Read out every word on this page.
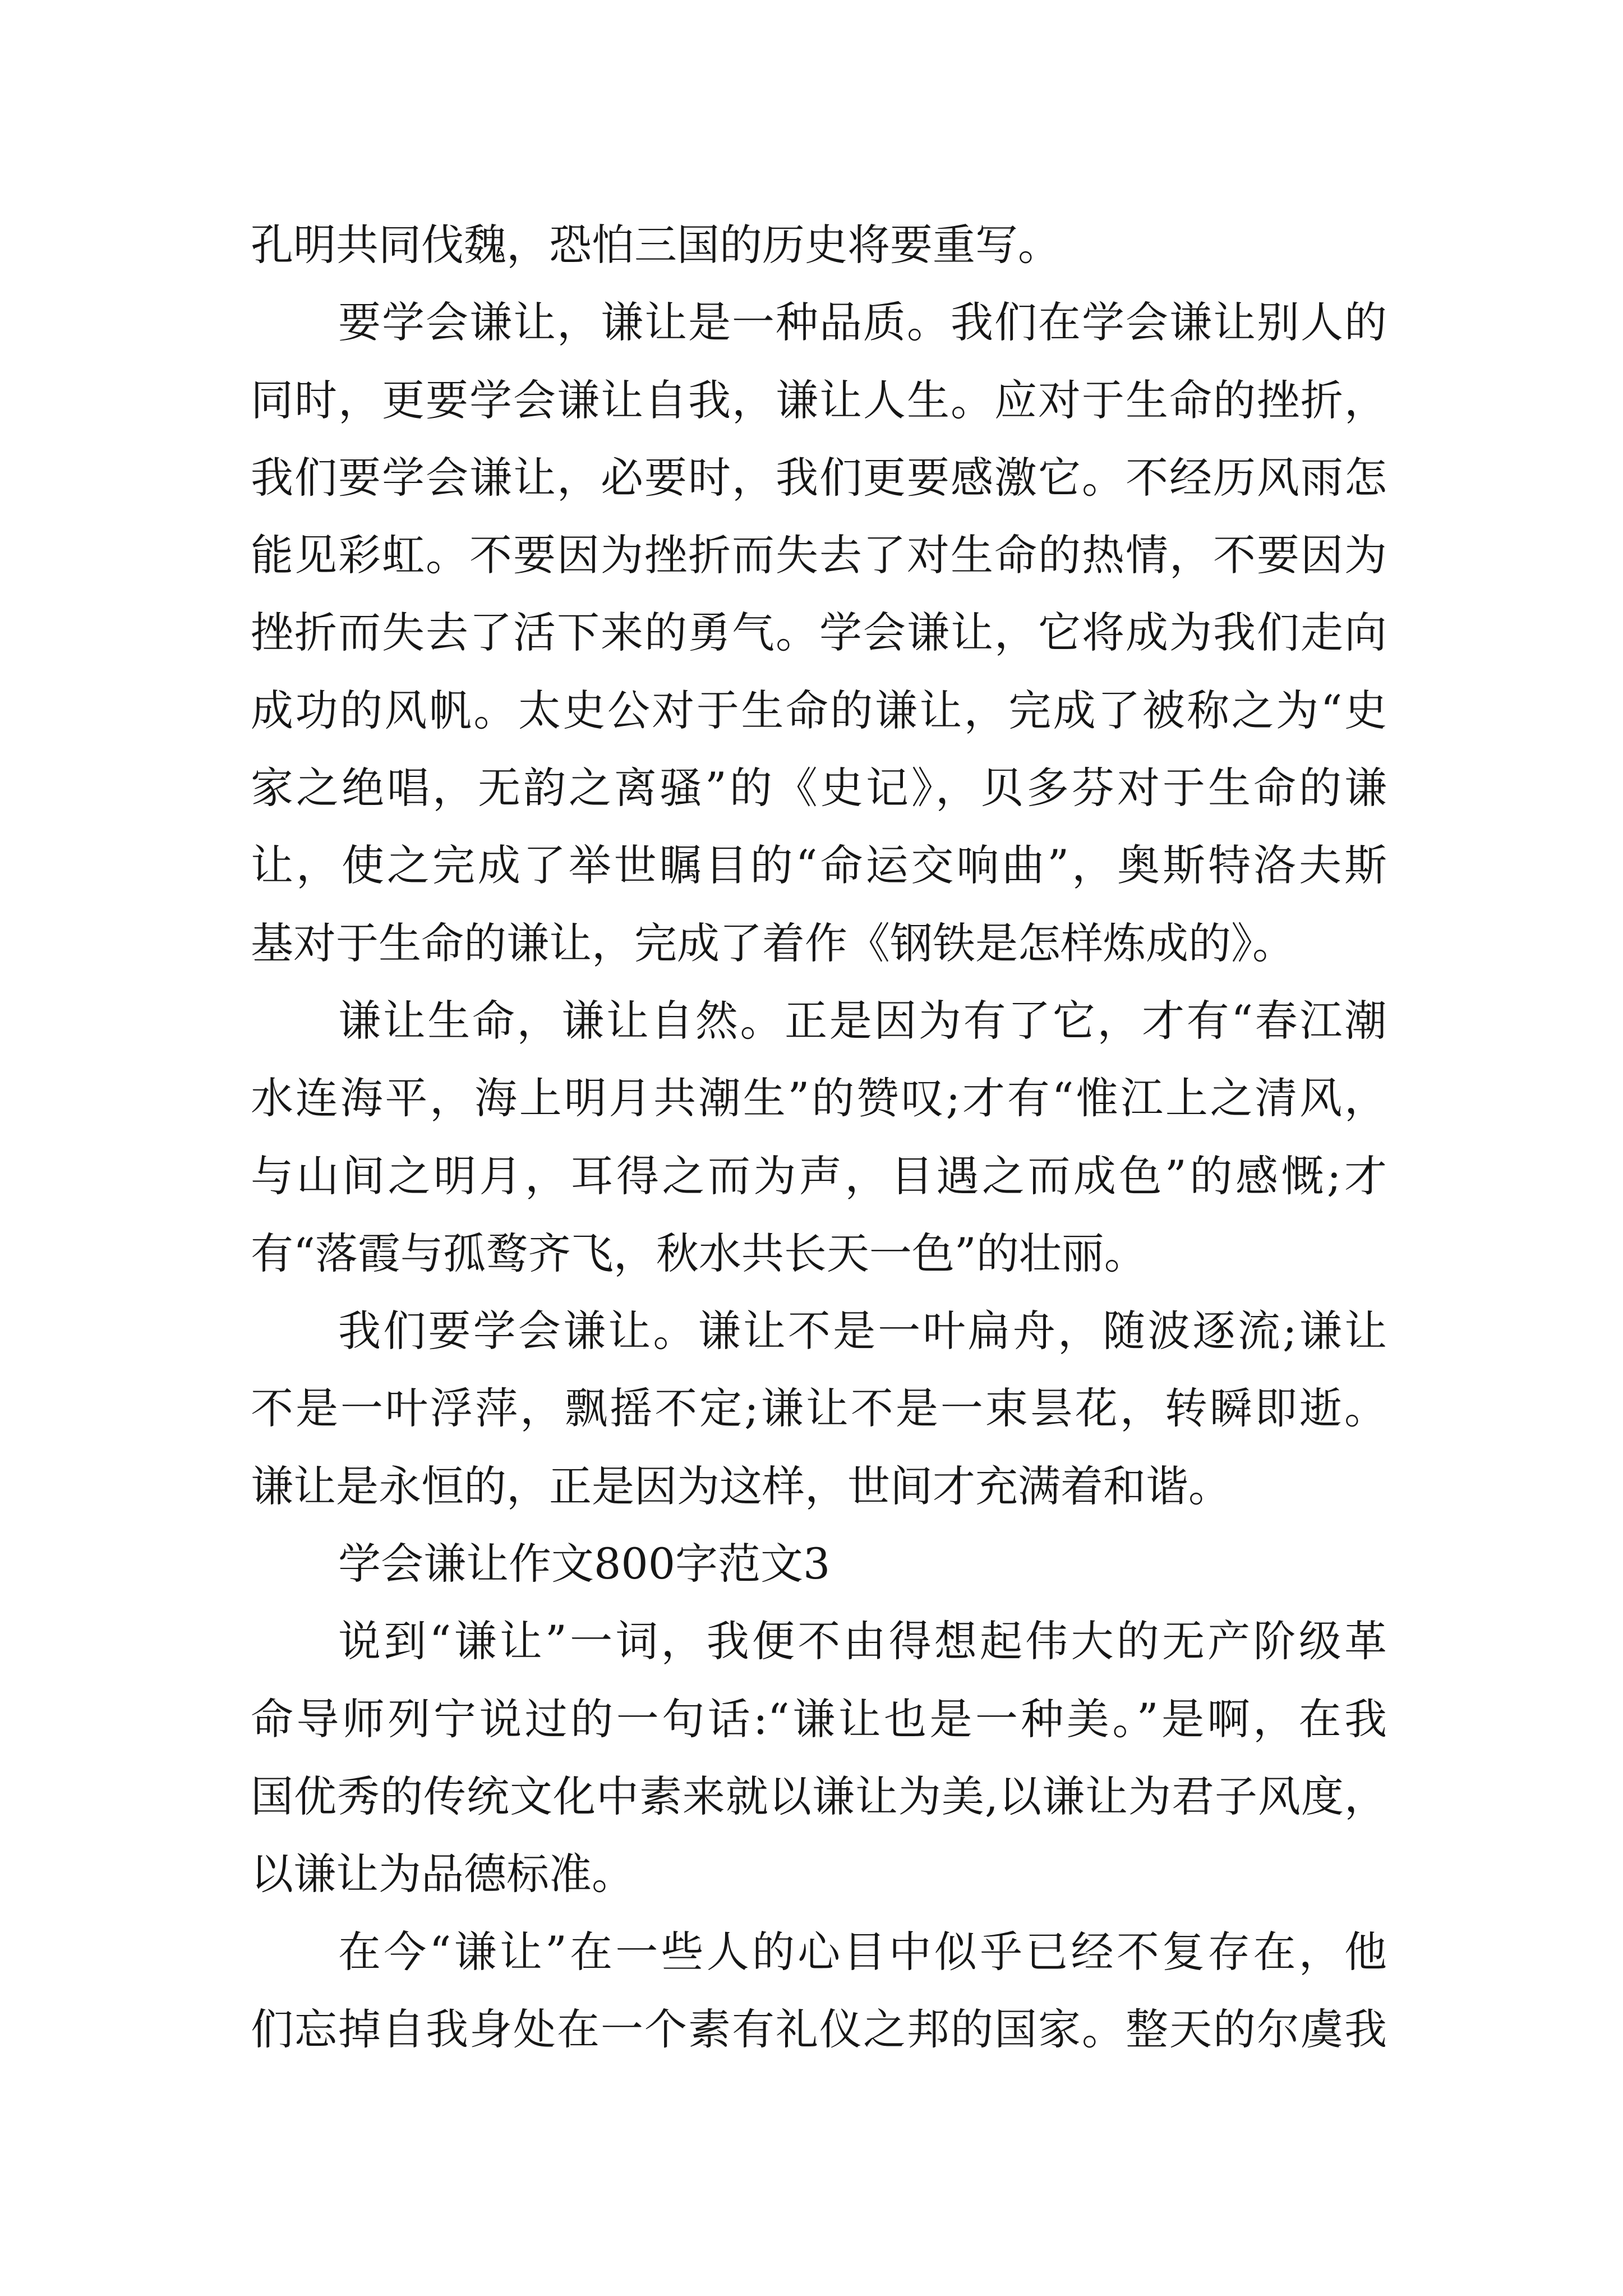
孔明共同伐魏，恐怕三国的历史将要重写。
要学会谦让，谦让是一种品质。我们在学会谦让别人的
同时，更要学会谦让自我，谦让人生。应对于生命的挫折，
我们要学会谦让，必要时，我们更要感激它。不经历风雨怎
能见彩虹。不要因为挫折而失去了对生命的热情，不要因为
挫折而失去了活下来的勇气。学会谦让，它将成为我们走向
成功的风帆。太史公对于生命的谦让，完成了被称之为“史
家之绝唱，无韵之离骚”的《史记》，贝多芬对于生命的谦
让，使之完成了举世瞩目的“命运交响曲”，奥斯特洛夫斯
基对于生命的谦让，完成了着作《钢铁是怎样炼成的》。
谦让生命，谦让自然。正是因为有了它，才有“春江潮
水连海平，海上明月共潮生”的赞叹;才有“惟江上之清风，
与山间之明月，耳得之而为声，目遇之而成色”的感慨;才
有“落霞与孤鹜齐飞，秋水共长天一色”的壮丽。
我们要学会谦让。谦让不是一叶扁舟，随波逐流;谦让
不是一叶浮萍，飘摇不定;谦让不是一束昙花，转瞬即逝。
谦让是永恒的，正是因为这样，世间才充满着和谐。
学会谦让作文800字范文3
说到“谦让”一词，我便不由得想起伟大的无产阶级革
命导师列宁说过的一句话:“谦让也是一种美。”是啊，在我
国优秀的传统文化中素来就以谦让为美,以谦让为君子风度，
以谦让为品德标准。
在今“谦让”在一些人的心目中似乎已经不复存在，他
们忘掉自我身处在一个素有礼仪之邦的国家。整天的尔虞我
